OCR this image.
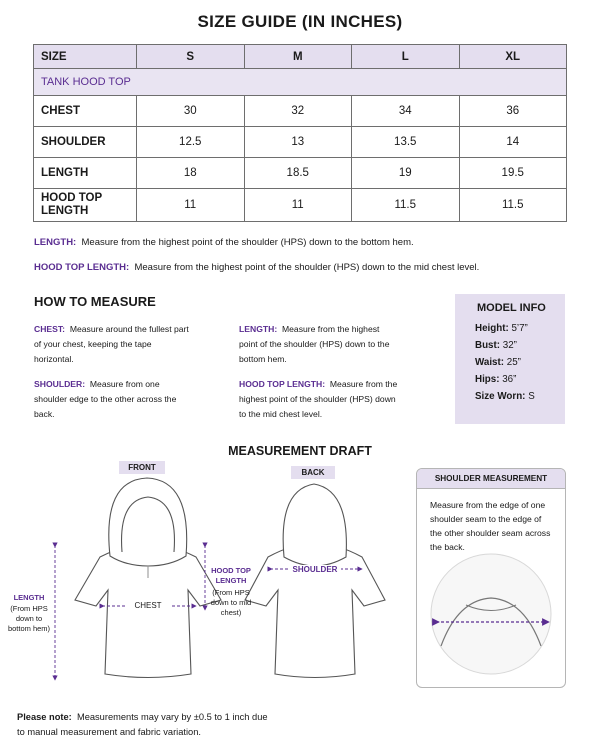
SIZE GUIDE (IN INCHES)
SIZE	S	M	L	XL
TANK HOOD TOP				
CHEST	30	32	34	36
SHOULDER	12.5	13	13.5	14
LENGTH	18	18.5	19	19.5
HOOD TOP LENGTH	11	11	11.5	11.5
LENGTH: Measure from the highest point of the shoulder (HPS) down to the bottom hem.
HOOD TOP LENGTH: Measure from the highest point of the shoulder (HPS) down to the mid chest level.
HOW TO MEASURE
CHEST: Measure around the fullest part of your chest, keeping the tape horizontal.
SHOULDER: Measure from one shoulder edge to the other across the back.
LENGTH: Measure from the highest point of the shoulder (HPS) down to the bottom hem.
HOOD TOP LENGTH: Measure from the highest point of the shoulder (HPS) down to the mid chest level.
MODEL INFO
Height: 5’7”
Bust: 32”
Waist: 25”
Hips: 36”
Size Worn: S
MEASUREMENT DRAFT
FRONT
BACK
CHEST
SHOULDER
LENGTH
(From HPS down to bottom hem)
HOOD TOP LENGTH
(From HPS down to mid chest)
SHOULDER MEASUREMENT
Measure from the edge of one shoulder seam to the edge of the other shoulder seam across the back.
Please note: Measurements may vary by ±0.5 to 1 inch due to manual measurement and fabric variation.
